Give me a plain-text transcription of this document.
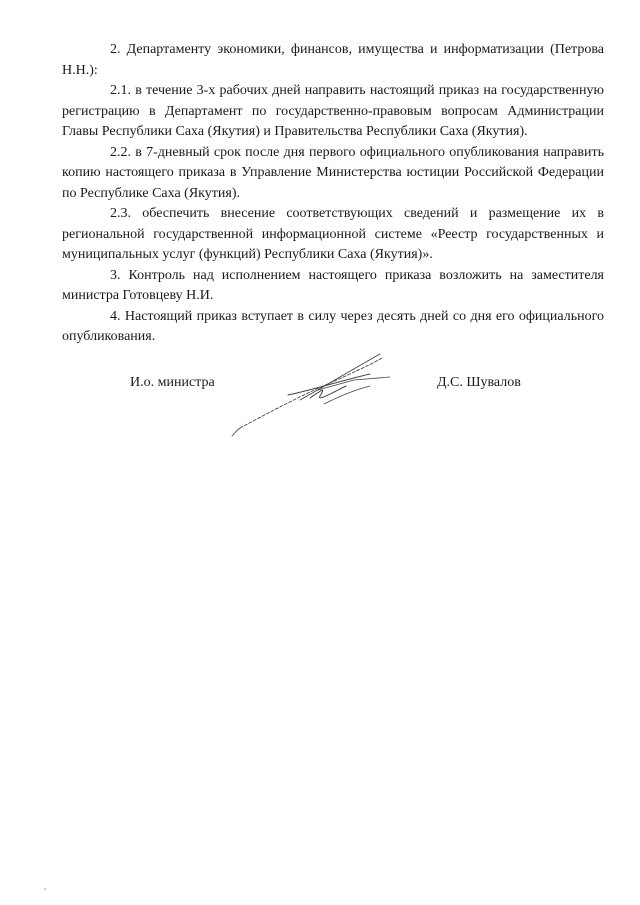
2. Департаменту экономики, финансов, имущества и информатизации (Петрова Н.Н.):

2.1. в течение 3-х рабочих дней направить настоящий приказ на государственную регистрацию в Департамент по государственно-правовым вопросам Администрации Главы Республики Саха (Якутия) и Правительства Республики Саха (Якутия).

2.2. в 7-дневный срок после дня первого официального опубликования направить копию настоящего приказа в Управление Министерства юстиции Российской Федерации по Республике Саха (Якутия).

2.3. обеспечить внесение соответствующих сведений и размещение их в региональной государственной информационной системе «Реестр государственных и муниципальных услуг (функций) Республики Саха (Якутия)».

3. Контроль над исполнением настоящего приказа возложить на заместителя министра Готовцеву Н.И.

4. Настоящий приказ вступает в силу через десять дней со дня его официального опубликования.

И.о. министра	Д.С. Шувалов
